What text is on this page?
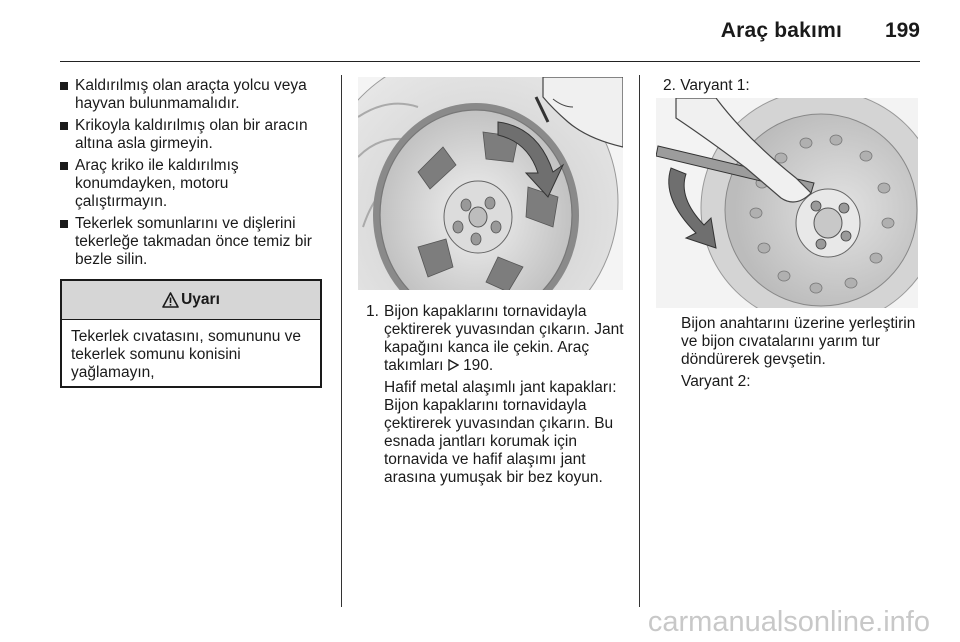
Araç bakımı 199
Kaldırılmış olan araçta yolcu veya hayvan bulunmamalıdır.
Krikoyla kaldırılmış olan bir aracın altına asla girmeyin.
Araç kriko ile kaldırılmış konumdayken, motoru çalıştırmayın.
Tekerlek somunlarını ve dişlerini tekerleğe takmadan önce temiz bir bezle silin.
Uyarı
Tekerlek cıvatasını, somununu ve tekerlek somunu konisini yağlamayın,
1. Bijon kapaklarını tornavidayla çektirerek yuvasından çıkarın. Jant kapağını kanca ile çekin. Araç takımları 190.

Hafif metal alaşımlı jant kapakları: Bijon kapaklarını tornavidayla çektirerek yuvasından çıkarın. Bu esnada jantları korumak için tornavida ve hafif alaşımı jant arasına yumuşak bir bez koyun.

2. Varyant 1:

Bijon anahtarını üzerine yerleştirin ve bijon cıvatalarını yarım tur döndürerek gevşetin.

Varyant 2:

carmanualsonline.info
